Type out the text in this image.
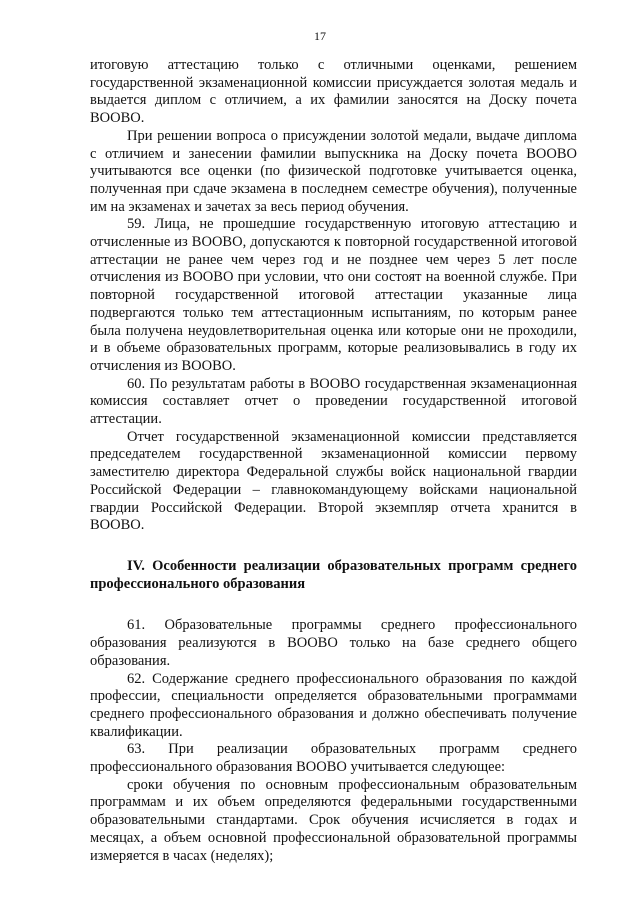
17

итоговую аттестацию только с отличными оценками, решением государственной экзаменационной комиссии присуждается золотая медаль и выдается диплом с отличием, а их фамилии заносятся на Доску почета ВООВО.

При решении вопроса о присуждении золотой медали, выдаче диплома с отличием и занесении фамилии выпускника на Доску почета ВООВО учитываются все оценки (по физической подготовке учитывается оценка, полученная при сдаче экзамена в последнем семестре обучения), полученные им на экзаменах и зачетах за весь период обучения.

59. Лица, не прошедшие государственную итоговую аттестацию и отчисленные из ВООВО, допускаются к повторной государственной итоговой аттестации не ранее чем через год и не позднее чем через 5 лет после отчисления из ВООВО при условии, что они состоят на военной службе. При повторной государственной итоговой аттестации указанные лица подвергаются только тем аттестационным испытаниям, по которым ранее была получена неудовлетворительная оценка или которые они не проходили, и в объеме образовательных программ, которые реализовывались в году их отчисления из ВООВО.

60. По результатам работы в ВООВО государственная экзаменационная комиссия составляет отчет о проведении государственной итоговой аттестации.

Отчет государственной экзаменационной комиссии представляется председателем государственной экзаменационной комиссии первому заместителю директора Федеральной службы войск национальной гвардии Российской Федерации – главнокомандующему войсками национальной гвардии Российской Федерации. Второй экземпляр отчета хранится в ВООВО.

IV. Особенности реализации образовательных программ среднего профессионального образования

61. Образовательные программы среднего профессионального образования реализуются в ВООВО только на базе среднего общего образования.

62. Содержание среднего профессионального образования по каждой профессии, специальности определяется образовательными программами среднего профессионального образования и должно обеспечивать получение квалификации.

63. При реализации образовательных программ среднего профессионального образования ВООВО учитывается следующее:

сроки обучения по основным профессиональным образовательным программам и их объем определяются федеральными государственными образовательными стандартами. Срок обучения исчисляется в годах и месяцах, а объем основной профессиональной образовательной программы измеряется в часах (неделях);
